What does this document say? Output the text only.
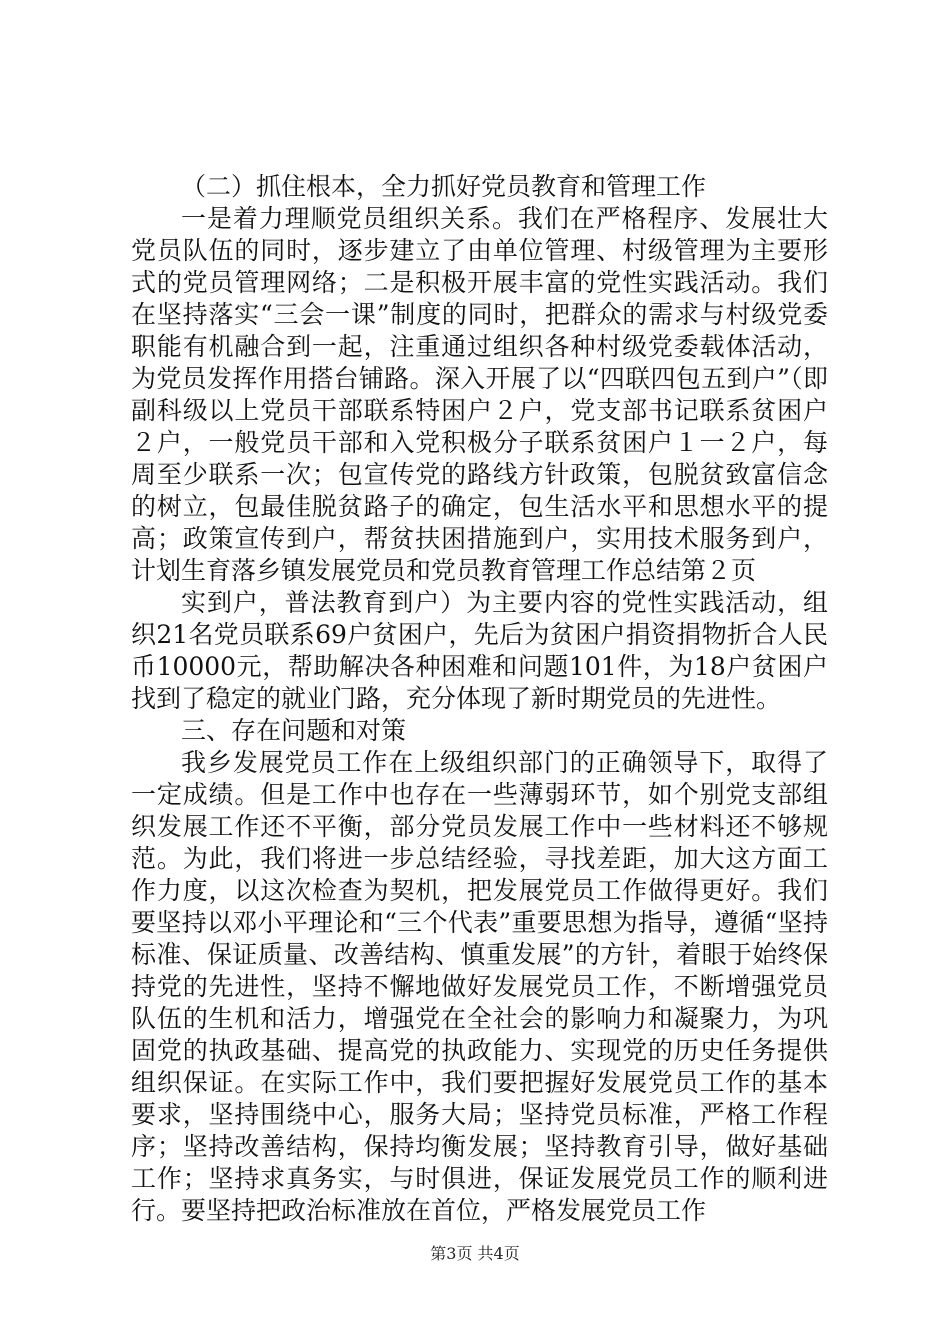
（二）抓住根本，全力抓好党员教育和管理工作

一是着力理顺党员组织关系。我们在严格程序、发展壮大党员队伍的同时，逐步建立了由单位管理、村级管理为主要形式的党员管理网络；二是积极开展丰富的党性实践活动。我们在坚持落实“三会一课”制度的同时，把群众的需求与村级党委职能有机融合到一起，注重通过组织各种村级党委载体活动，为党员发挥作用搭台铺路。深入开展了以“四联四包五到户”（即副科级以上党员干部联系特困户２户，党支部书记联系贫困户２户，一般党员干部和入党积极分子联系贫困户１一２户，每周至少联系一次；包宣传党的路线方针政策，包脱贫致富信念的树立，包最佳脱贫路子的确定，包生活水平和思想水平的提高；政策宣传到户，帮贫扶困措施到户，实用技术服务到户，计划生育落乡镇发展党员和党员教育管理工作总结第２页

实到户，普法教育到户）为主要内容的党性实践活动，组织21名党员联系69户贫困户，先后为贫困户捐资捐物折合人民币10000元，帮助解决各种困难和问题101件，为18户贫困户找到了稳定的就业门路，充分体现了新时期党员的先进性。

三、存在问题和对策

我乡发展党员工作在上级组织部门的正确领导下，取得了一定成绩。但是工作中也存在一些薄弱环节，如个别党支部组织发展工作还不平衡，部分党员发展工作中一些材料还不够规范。为此，我们将进一步总结经验，寻找差距，加大这方面工作力度，以这次检查为契机，把发展党员工作做得更好。我们要坚持以邓小平理论和“三个代表”重要思想为指导，遵循“坚持标准、保证质量、改善结构、慎重发展”的方针，着眼于始终保持党的先进性，坚持不懈地做好发展党员工作，不断增强党员队伍的生机和活力，增强党在全社会的影响力和凝聚力，为巩固党的执政基础、提高党的执政能力、实现党的历史任务提供组织保证。在实际工作中，我们要把握好发展党员工作的基本要求，坚持围绕中心，服务大局；坚持党员标准，严格工作程序；坚持改善结构，保持均衡发展；坚持教育引导，做好基础工作；坚持求真务实，与时俱进，保证发展党员工作的顺利进行。要坚持把政治标准放在首位，严格发展党员工作

第3页 共4页
